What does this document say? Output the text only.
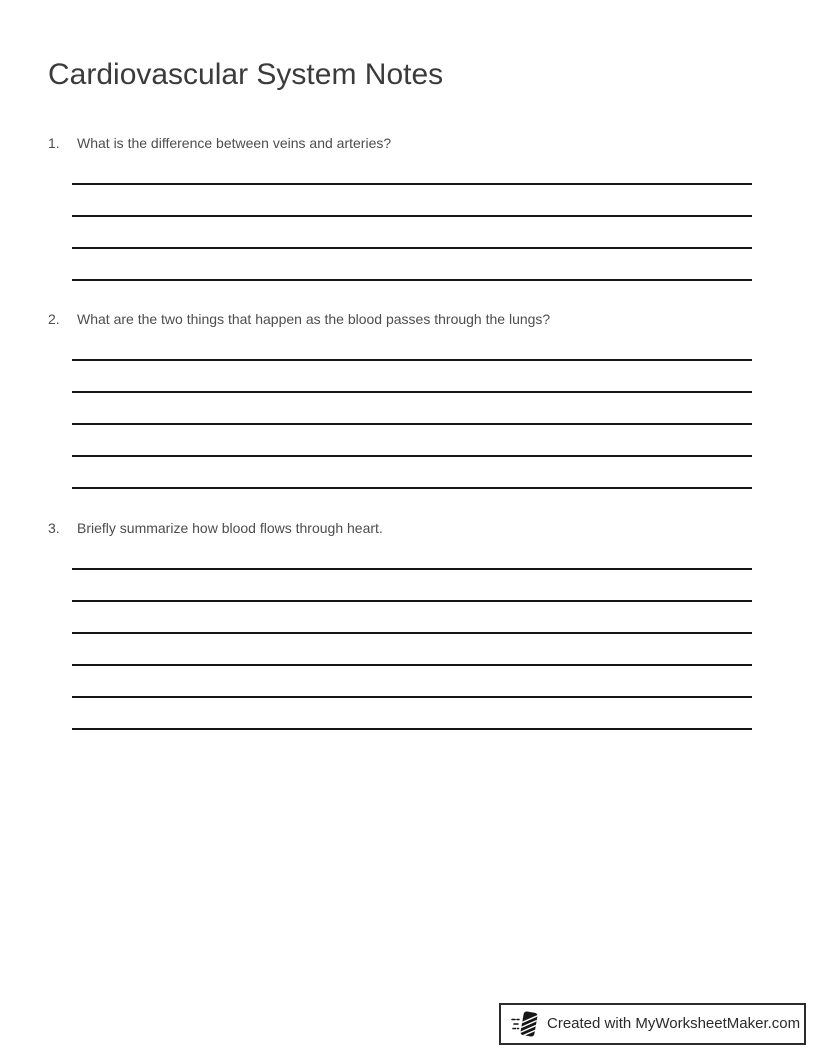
Cardiovascular System Notes
1.	What is the difference between veins and arteries?
2.	What are the two things that happen as the blood passes through the lungs?
3.	Briefly summarize how blood flows through heart.
Created with MyWorksheetMaker.com
